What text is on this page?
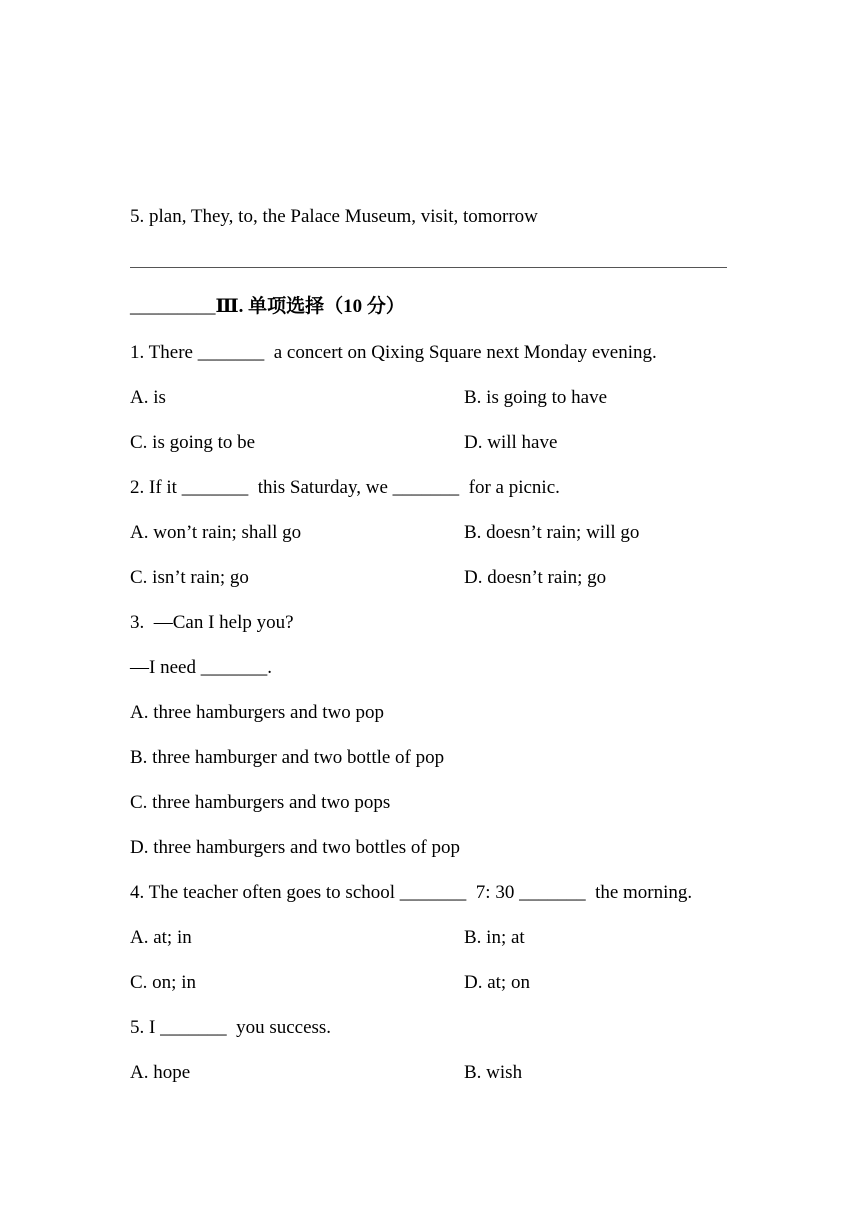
5. plan, They, to, the Palace Museum, visit, tomorrow
_________Ⅲ. 单项选择（10 分）
1. There _______  a concert on Qixing Square next Monday evening.
A. is	B. is going to have
C. is going to be	D. will have
2. If it _______  this Saturday, we _______  for a picnic.
A. won’t rain; shall go	B. doesn’t rain; will go
C. isn’t rain; go	D. doesn’t rain; go
3.  —Can I help you?
—I need _______.
A. three hamburgers and two pop
B. three hamburger and two bottle of pop
C. three hamburgers and two pops
D. three hamburgers and two bottles of pop
4. The teacher often goes to school _______  7: 30 _______  the morning.
A. at; in	B. in; at
C. on; in	D. at; on
5. I _______  you success.
A. hope	B. wish
